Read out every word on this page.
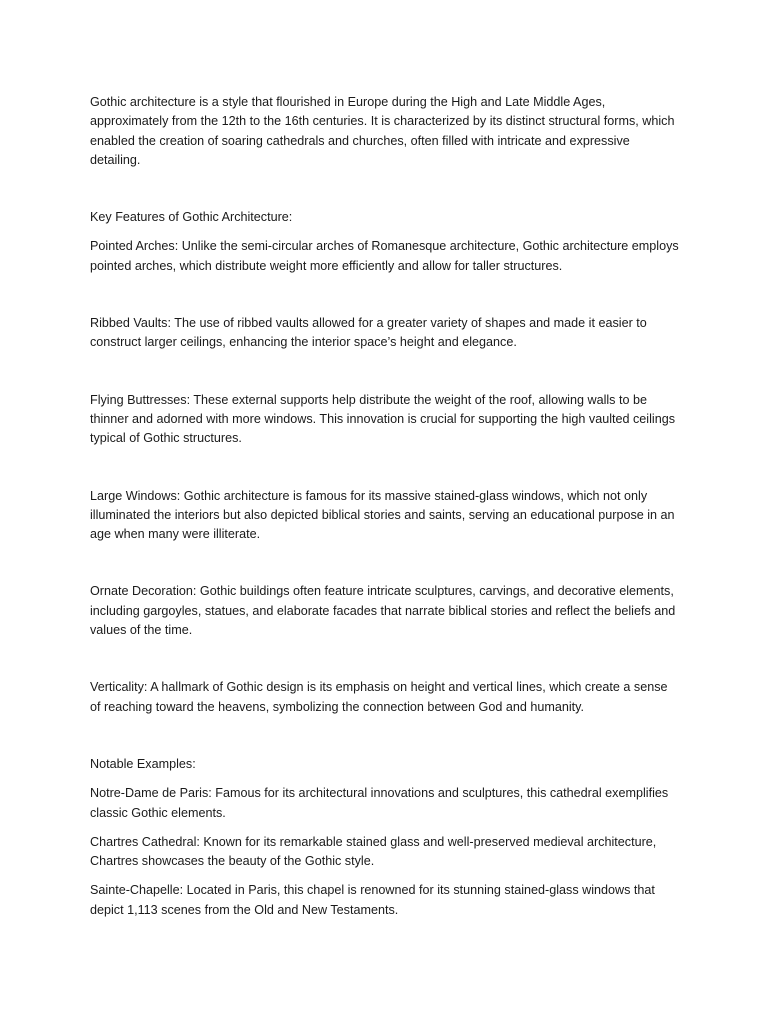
Gothic architecture is a style that flourished in Europe during the High and Late Middle Ages, approximately from the 12th to the 16th centuries. It is characterized by its distinct structural forms, which enabled the creation of soaring cathedrals and churches, often filled with intricate and expressive detailing.

Key Features of Gothic Architecture:

Pointed Arches: Unlike the semi-circular arches of Romanesque architecture, Gothic architecture employs pointed arches, which distribute weight more efficiently and allow for taller structures.

Ribbed Vaults: The use of ribbed vaults allowed for a greater variety of shapes and made it easier to construct larger ceilings, enhancing the interior space’s height and elegance.

Flying Buttresses: These external supports help distribute the weight of the roof, allowing walls to be thinner and adorned with more windows. This innovation is crucial for supporting the high vaulted ceilings typical of Gothic structures.

Large Windows: Gothic architecture is famous for its massive stained-glass windows, which not only illuminated the interiors but also depicted biblical stories and saints, serving an educational purpose in an age when many were illiterate.

Ornate Decoration: Gothic buildings often feature intricate sculptures, carvings, and decorative elements, including gargoyles, statues, and elaborate facades that narrate biblical stories and reflect the beliefs and values of the time.

Verticality: A hallmark of Gothic design is its emphasis on height and vertical lines, which create a sense of reaching toward the heavens, symbolizing the connection between God and humanity.

Notable Examples:

Notre-Dame de Paris: Famous for its architectural innovations and sculptures, this cathedral exemplifies classic Gothic elements.

Chartres Cathedral: Known for its remarkable stained glass and well-preserved medieval architecture, Chartres showcases the beauty of the Gothic style.

Sainte-Chapelle: Located in Paris, this chapel is renowned for its stunning stained-glass windows that depict 1,113 scenes from the Old and New Testaments.
